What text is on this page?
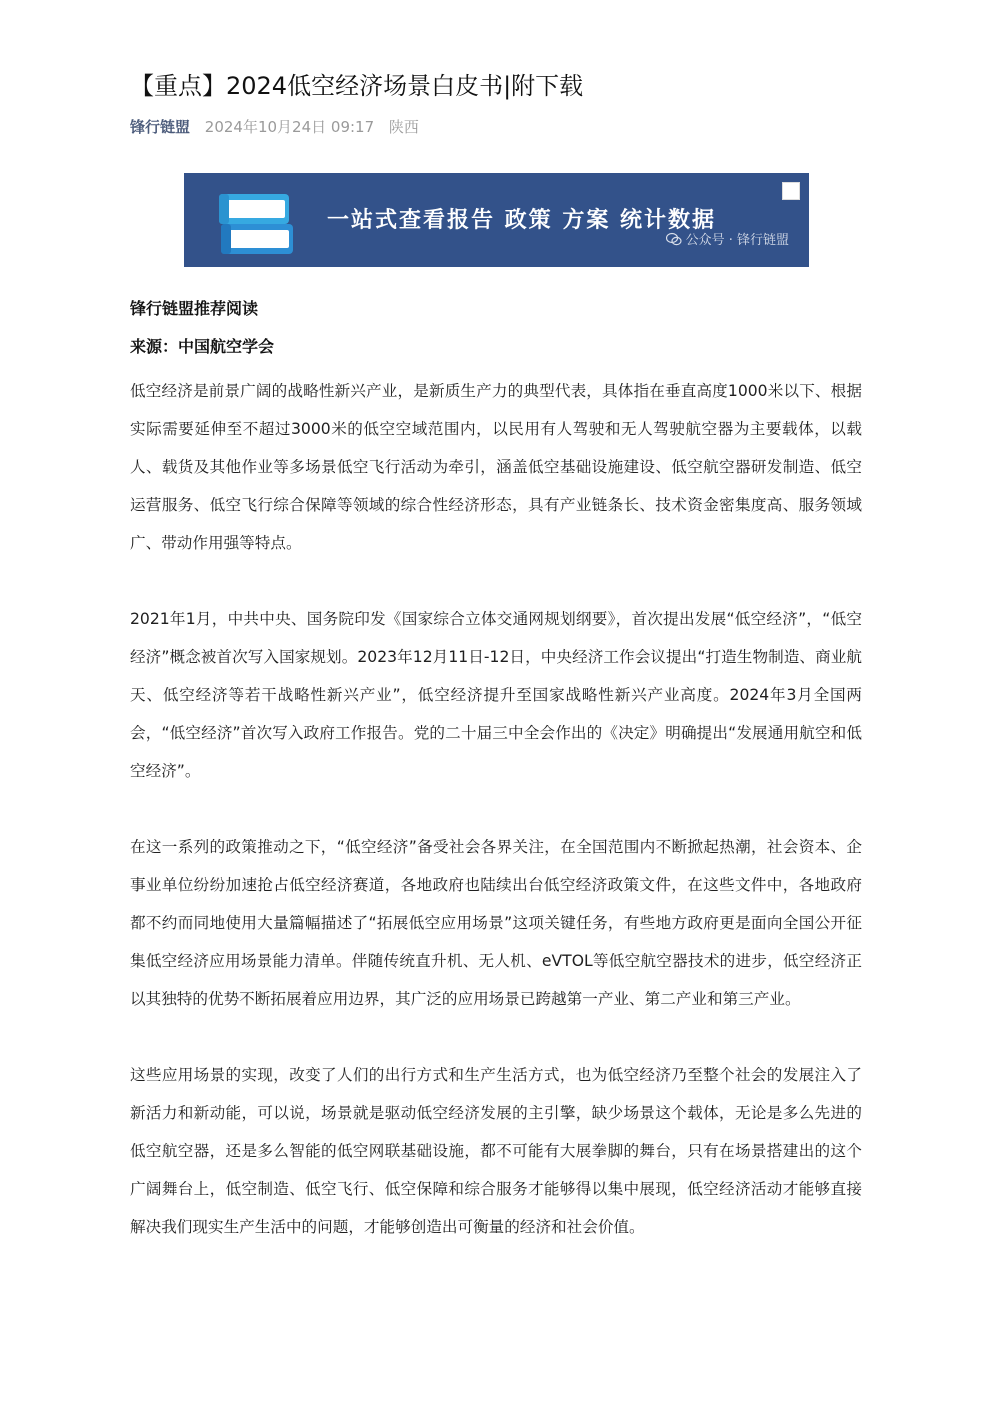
【重点】2024低空经济场景白皮书|附下载
锋行链盟 2024年10月24日 09:17 陕西
一站式查看报告 政策 方案 统计数据
公众号 · 锋行链盟
锋行链盟推荐阅读
来源：中国航空学会

低空经济是前景广阔的战略性新兴产业，是新质生产力的典型代表，具体指在垂直高度1000米以下、根据实际需要延伸至不超过3000米的低空空域范围内，以民用有人驾驶和无人驾驶航空器为主要载体，以载人、载货及其他作业等多场景低空飞行活动为牵引，涵盖低空基础设施建设、低空航空器研发制造、低空运营服务、低空飞行综合保障等领域的综合性经济形态，具有产业链条长、技术资金密集度高、服务领域广、带动作用强等特点。

2021年1月，中共中央、国务院印发《国家综合立体交通网规划纲要》，首次提出发展“低空经济”，“低空经济”概念被首次写入国家规划。2023年12月11日-12日，中央经济工作会议提出“打造生物制造、商业航天、低空经济等若干战略性新兴产业”，低空经济提升至国家战略性新兴产业高度。2024年3月全国两会，“低空经济”首次写入政府工作报告。党的二十届三中全会作出的《决定》明确提出“发展通用航空和低空经济”。

在这一系列的政策推动之下，“低空经济”备受社会各界关注，在全国范围内不断掀起热潮，社会资本、企事业单位纷纷加速抢占低空经济赛道，各地政府也陆续出台低空经济政策文件，在这些文件中，各地政府都不约而同地使用大量篇幅描述了“拓展低空应用场景”这项关键任务，有些地方政府更是面向全国公开征集低空经济应用场景能力清单。伴随传统直升机、无人机、eVTOL等低空航空器技术的进步，低空经济正以其独特的优势不断拓展着应用边界，其广泛的应用场景已跨越第一产业、第二产业和第三产业。

这些应用场景的实现，改变了人们的出行方式和生产生活方式，也为低空经济乃至整个社会的发展注入了新活力和新动能，可以说，场景就是驱动低空经济发展的主引擎，缺少场景这个载体，无论是多么先进的低空航空器，还是多么智能的低空网联基础设施，都不可能有大展拳脚的舞台，只有在场景搭建出的这个广阔舞台上，低空制造、低空飞行、低空保障和综合服务才能够得以集中展现，低空经济活动才能够直接解决我们现实生产生活中的问题，才能够创造出可衡量的经济和社会价值。
